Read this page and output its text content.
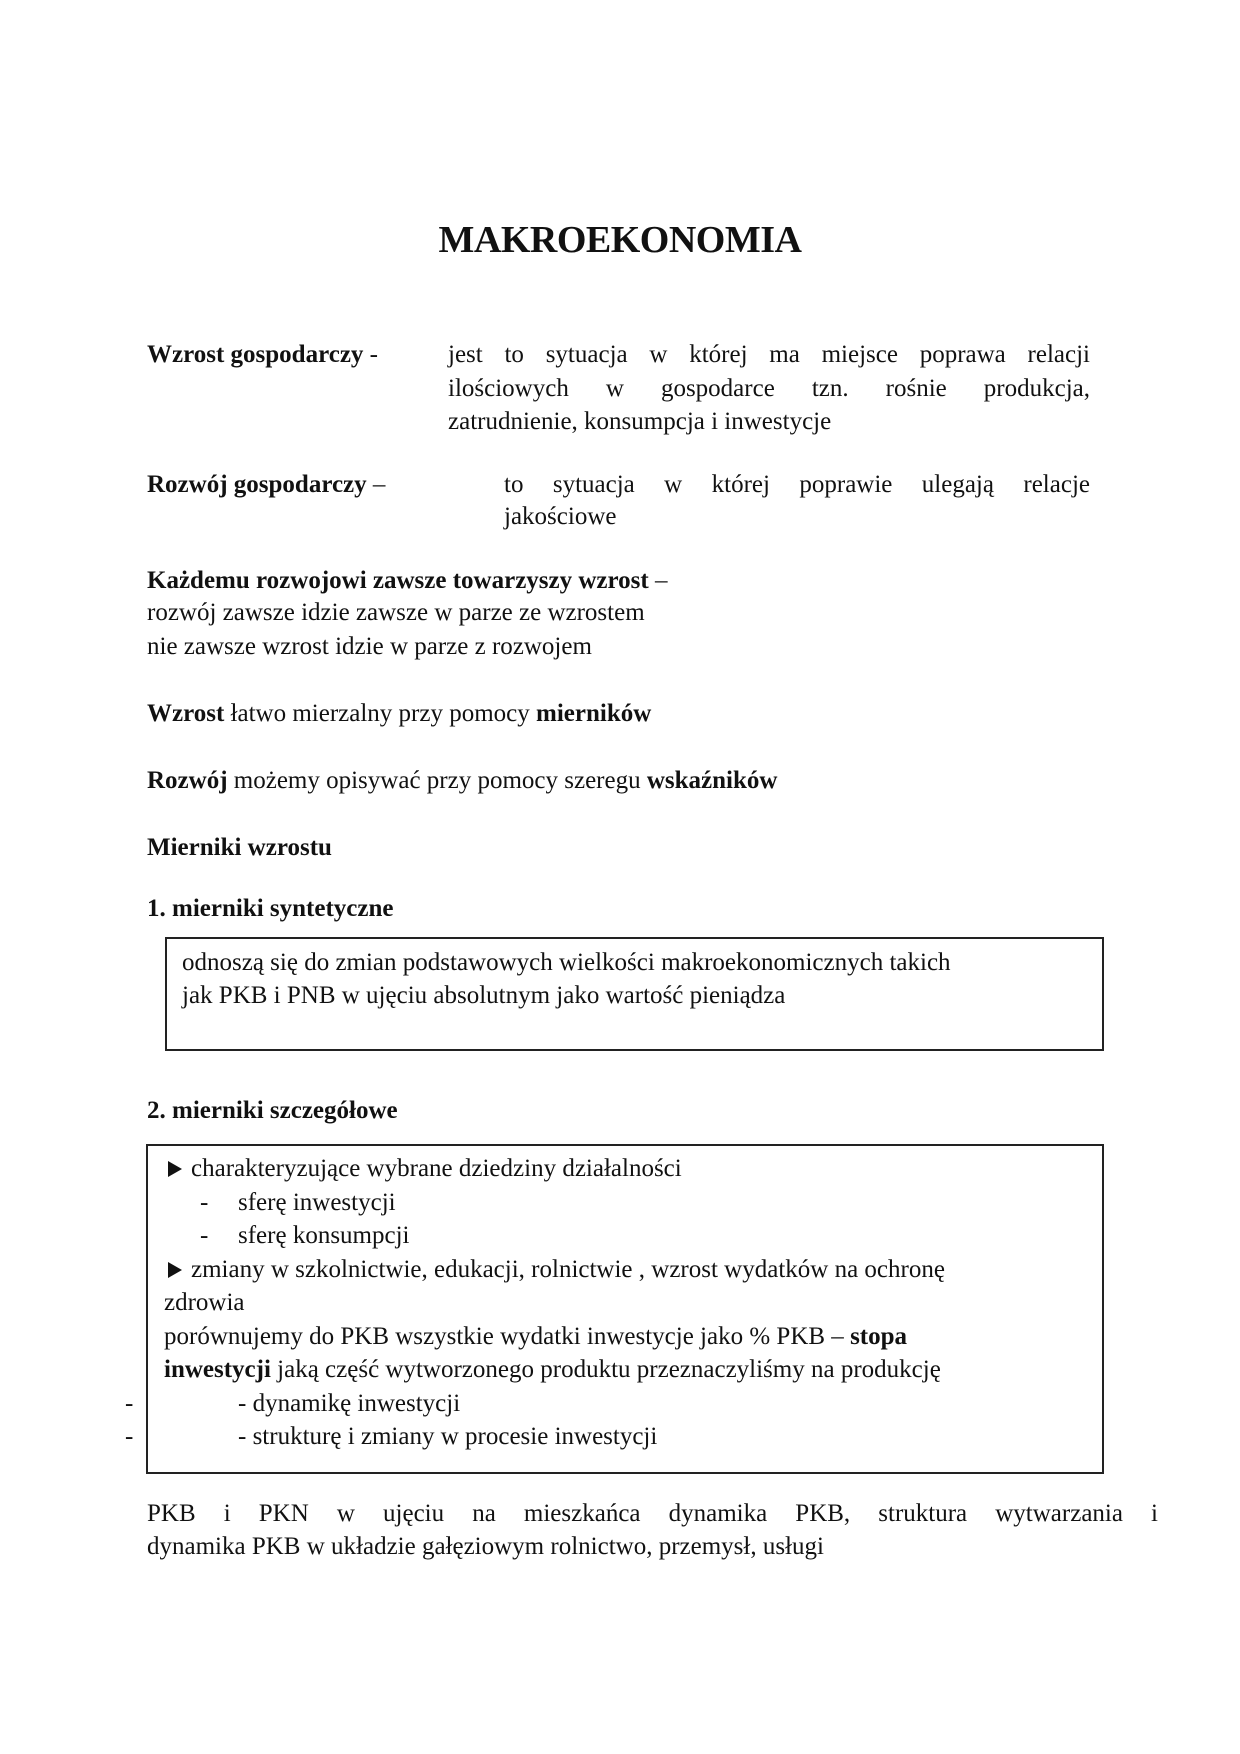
MAKROEKONOMIA
Wzrost gospodarczy -	jest to sytuacja w której ma miejsce poprawa relacji
ilościowych w gospodarce tzn. rośnie produkcja,
zatrudnienie, konsumpcja i inwestycje
Rozwój gospodarczy –	to sytuacja w której poprawie ulegają relacje
jakościowe
Każdemu rozwojowi zawsze towarzyszy wzrost –
rozwój zawsze idzie zawsze w parze ze wzrostem
nie zawsze wzrost idzie w parze z rozwojem
Wzrost łatwo mierzalny przy pomocy mierników
Rozwój możemy opisywać przy pomocy szeregu wskaźników
Mierniki wzrostu
1. mierniki syntetyczne
odnoszą się do zmian podstawowych wielkości makroekonomicznych takich
jak PKB i PNB w ujęciu absolutnym jako wartość pieniądza
2. mierniki szczegółowe
charakteryzujące wybrane dziedziny działalności
- sferę inwestycji
- sferę konsumpcji
zmiany w szkolnictwie, edukacji, rolnictwie , wzrost wydatków na ochronę
zdrowia
porównujemy do PKB wszystkie wydatki inwestycje jako % PKB – stopa
inwestycji jaką część wytworzonego produktu przeznaczyliśmy na produkcję
-	- dynamikę inwestycji
-	- strukturę i zmiany w procesie inwestycji
PKB i PKN w ujęciu na mieszkańca dynamika PKB, struktura wytwarzania i
dynamika PKB w układzie gałęziowym rolnictwo, przemysł, usługi
